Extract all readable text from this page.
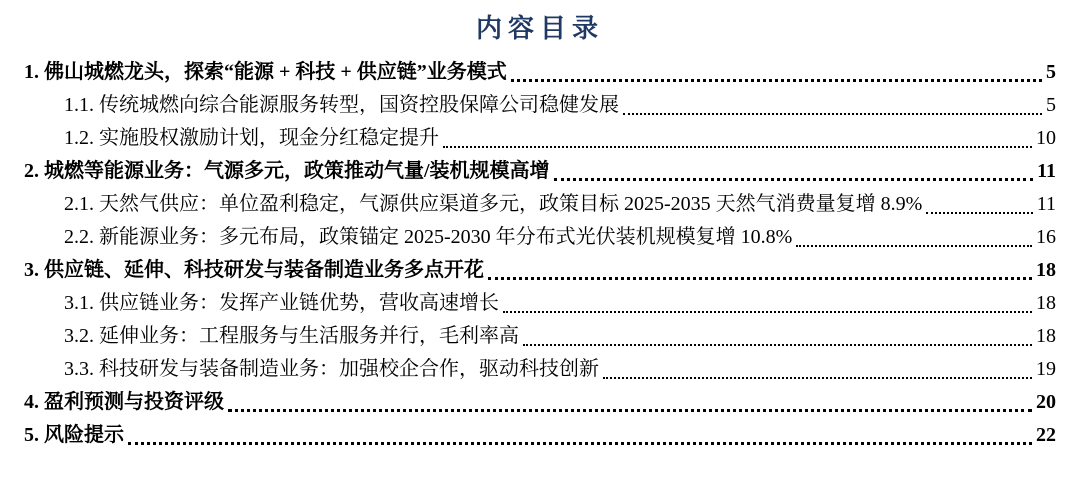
内容目录
1. 佛山城燃龙头，探索“能源 + 科技 + 供应链”业务模式	5
1.1. 传统城燃向综合能源服务转型，国资控股保障公司稳健发展	5
1.2. 实施股权激励计划，现金分红稳定提升	10
2. 城燃等能源业务：气源多元，政策推动气量/装机规模高增	11
2.1. 天然气供应：单位盈利稳定，气源供应渠道多元，政策目标 2025-2035 天然气消费量复增 8.9%	11
2.2. 新能源业务：多元布局，政策锚定 2025-2030 年分布式光伏装机规模复增 10.8%	16
3. 供应链、延伸、科技研发与装备制造业务多点开花	18
3.1. 供应链业务：发挥产业链优势，营收高速增长	18
3.2. 延伸业务：工程服务与生活服务并行，毛利率高	18
3.3. 科技研发与装备制造业务：加强校企合作，驱动科技创新	19
4. 盈利预测与投资评级	20
5. 风险提示	22
